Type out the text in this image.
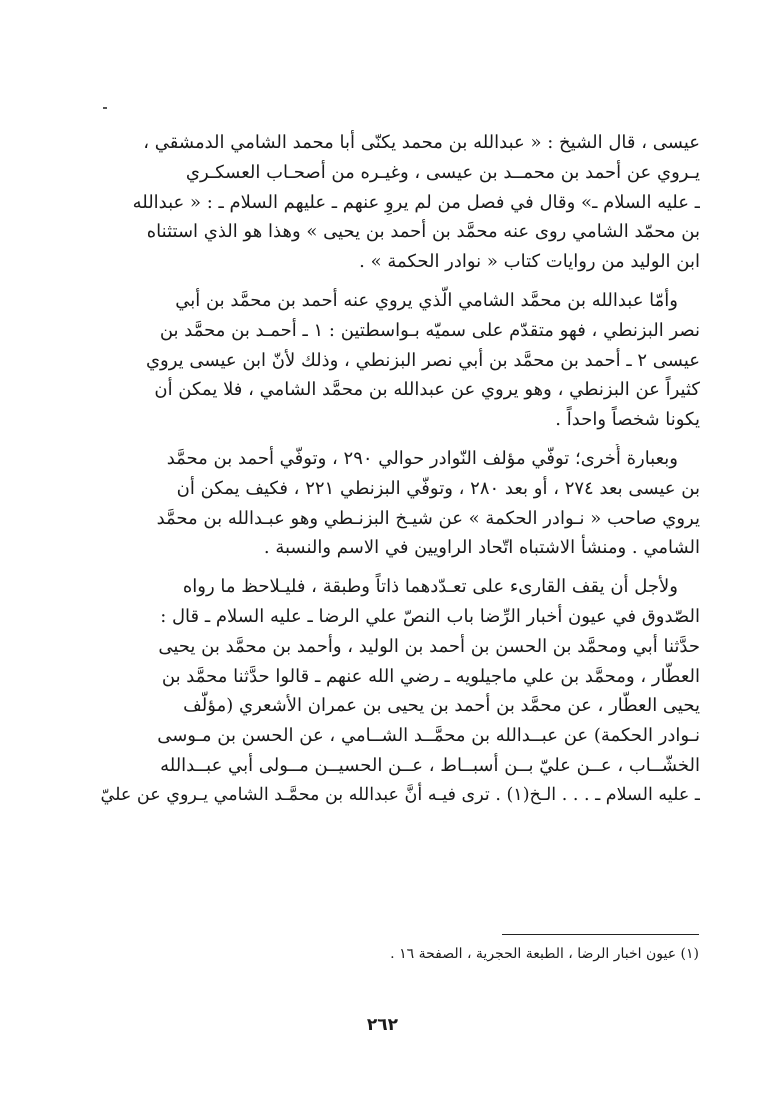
عيسى ، قال الشيخ : « عبدالله بن محمد يكنّى أبا محمد الشامي الدمشقي ،
يـروي عن أحمد بن محمــد بن عيسى ، وغيـره من أصحـاب العسكـري
ـ عليه السلام ـ» وقال في فصل من لم يروِ عنهم ـ عليهم السلام ـ : « عبدالله
بن محمّد الشامي روى عنه محمَّد بن أحمد بن يحيى » وهذا هو الذي استثناه
ابن الوليد من روايات كتاب « نوادر الحكمة » .
وأمّا عبدالله بن محمَّد الشامي الّذي يروي عنه أحمد بن محمَّد بن أبي
نصر البزنطي ، فهو متقدّم على سميّه بـواسطتين : ١ ـ أحمـد بن محمَّد بن
عيسى ٢ ـ أحمد بن محمَّد بن أبي نصر البزنطي ، وذلك لأنّ ابن عيسى يروي
كثيراً عن البزنطي ، وهو يروي عن عبدالله بن محمَّد الشامي ، فلا يمكن أن
يكونا شخصاً واحداً .
وبعبارة أُخرى؛ توفّي مؤلف النّوادر حوالي ٢٩٠ ، وتوفّي أحمد بن محمَّد
بن عيسى بعد ٢٧٤ ، أو بعد ٢٨٠ ، وتوفّي البزنطي ٢٢١ ، فكيف يمكن أن
يروي صاحب « نـوادر الحكمة » عن شيـخ البزنـطي وهو عبـدالله بن محمَّد
الشامي . ومنشأ الاشتباه اتّحاد الراويين في الاسم والنسبة .
ولأجل أن يقف القارىء على تعـدّدهما ذاتاً وطبقة ، فليـلاحظ ما رواه
الصّدوق في عيون أخبار الرِّضا باب النصّ علي الرضا ـ عليه السلام ـ قال :
حدَّثنا أبي ومحمَّد بن الحسن بن أحمد بن الوليد ، وأحمد بن محمَّد بن يحيى
العطّار ، ومحمَّد بن علي ماجيلويه ـ رضي الله عنهم ـ قالوا حدَّثنا محمَّد بن
يحيى العطّار ، عن محمَّد بن أحمد بن يحيى بن عمران الأشعري (مؤلّف
نـوادر الحكمة) عن عبــدالله بن محمَّــد الشــامي ، عن الحسن بن مـوسى
الخشّــاب ، عــن عليّ بــن أسبــاط ، عــن الحسيــن مــولى أبي عبــدالله
ـ عليه السلام ـ . . . الـخ(١) . ترى فيـه أنَّ عبدالله بن محمَّـد الشامي يـروي عن عليّ
(١) عيون اخبار الرضا ، الطبعة الحجرية ، الصفحة ١٦ .
٢٦٢
